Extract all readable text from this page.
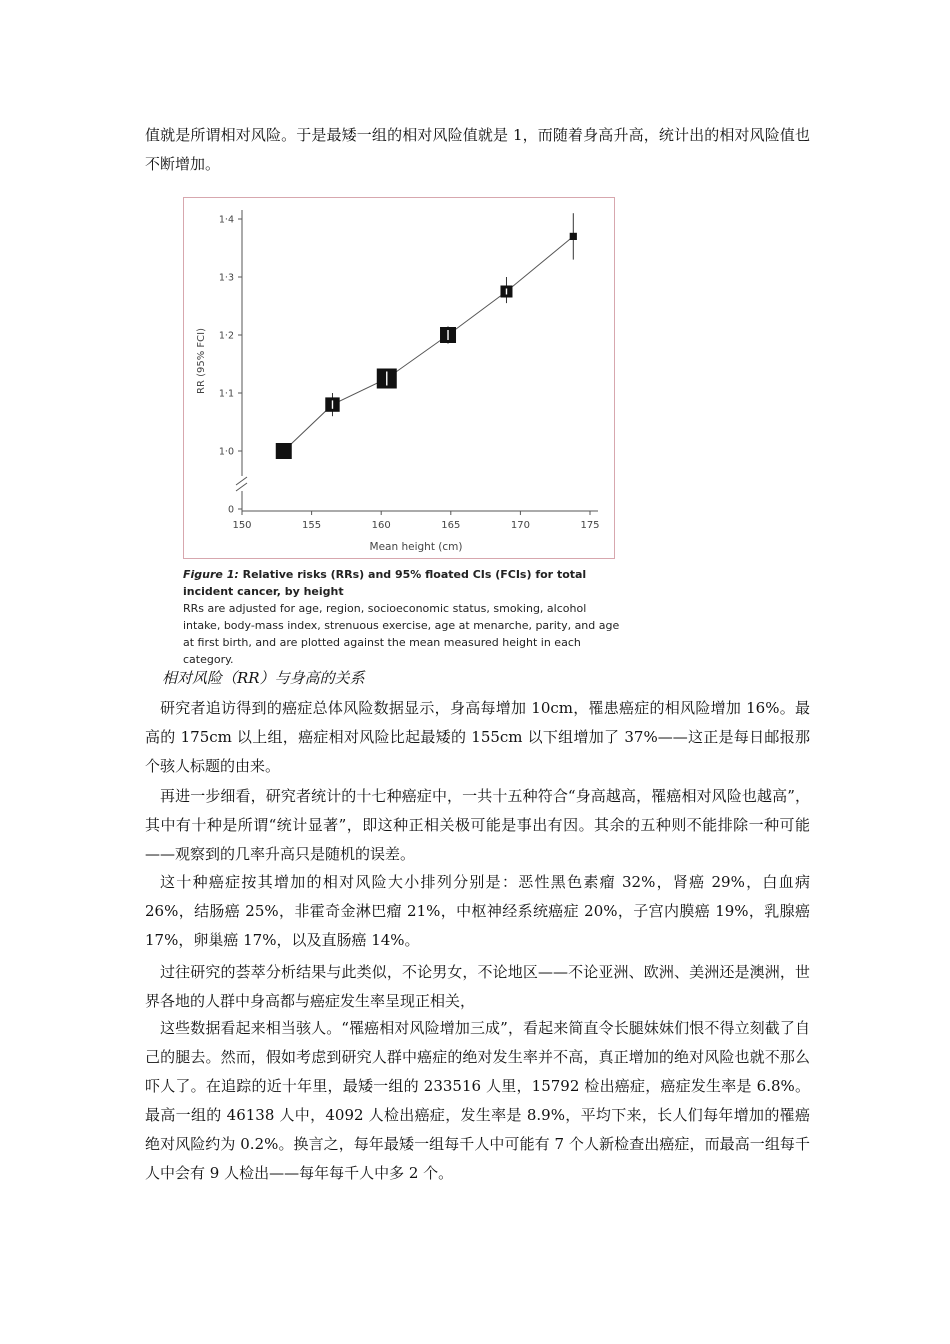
值就是所谓相对风险。于是最矮一组的相对风险值就是 1，而随着身高升高，统计出的相对风险值也不断增加。

0
1·0
1·1
1·2
1·3
1·4
150	155	160	165	170	175
RR (95% FCI)
Mean height (cm)

Figure 1: Relative risks (RRs) and 95% floated CIs (FCIs) for total incident cancer, by height
RRs are adjusted for age, region, socioeconomic status, smoking, alcohol intake, body-mass index, strenuous exercise, age at menarche, parity, and age at first birth, and are plotted against the mean measured height in each category.

相对风险（RR）与身高的关系

研究者追访得到的癌症总体风险数据显示，身高每增加 10cm，罹患癌症的相风险增加 16%。最高的 175cm 以上组，癌症相对风险比起最矮的 155cm 以下组增加了 37%——这正是每日邮报那个骇人标题的由来。

再进一步细看，研究者统计的十七种癌症中，一共十五种符合“身高越高，罹癌相对风险也越高”，其中有十种是所谓“统计显著”，即这种正相关极可能是事出有因。其余的五种则不能排除一种可能——观察到的几率升高只是随机的误差。

这十种癌症按其增加的相对风险大小排列分别是：恶性黑色素瘤 32%，肾癌 29%，白血病 26%，结肠癌 25%，非霍奇金淋巴瘤 21%，中枢神经系统癌症 20%，子宫内膜癌 19%，乳腺癌 17%，卵巢癌 17%，以及直肠癌 14%。

过往研究的荟萃分析结果与此类似，不论男女，不论地区——不论亚洲、欧洲、美洲还是澳洲，世界各地的人群中身高都与癌症发生率呈现正相关，

这些数据看起来相当骇人。“罹癌相对风险增加三成”，看起来简直令长腿妹妹们恨不得立刻截了自己的腿去。然而，假如考虑到研究人群中癌症的绝对发生率并不高，真正增加的绝对风险也就不那么吓人了。在追踪的近十年里，最矮一组的 233516 人里，15792 检出癌症，癌症发生率是 6.8%。最高一组的 46138 人中，4092 人检出癌症，发生率是 8.9%，平均下来，长人们每年增加的罹癌绝对风险约为 0.2%。换言之，每年最矮一组每千人中可能有 7 个人新检查出癌症，而最高一组每千人中会有 9 人检出——每年每千人中多 2 个。
